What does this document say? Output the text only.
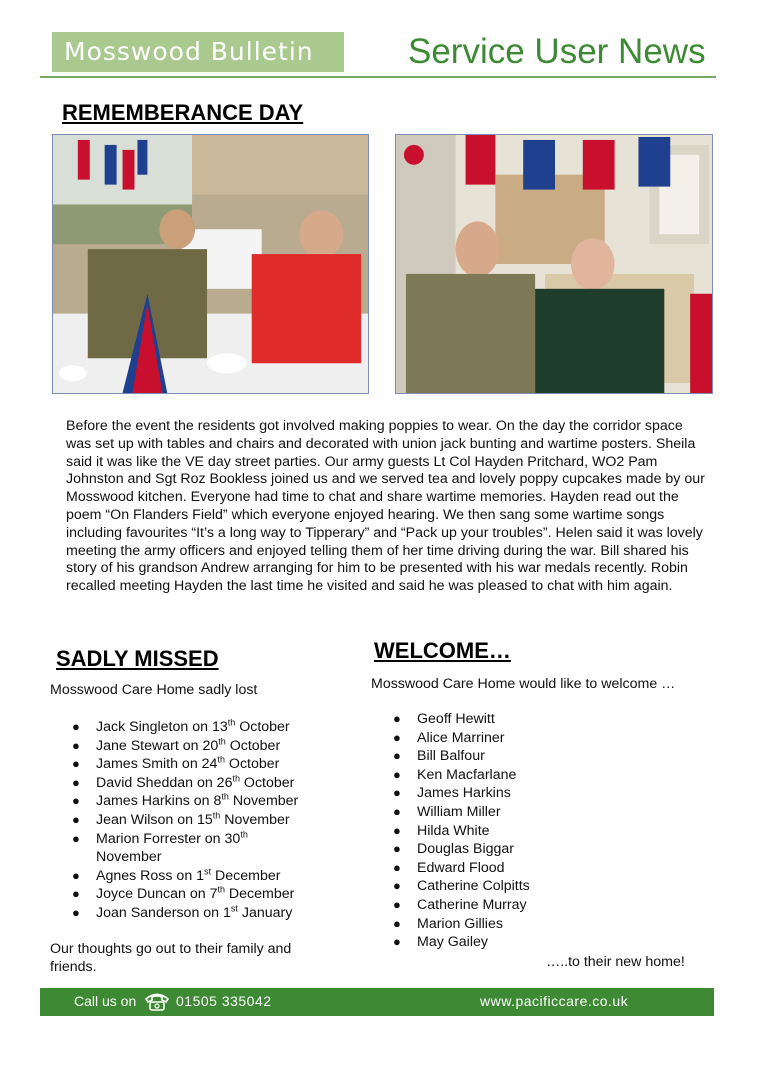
Mosswood Bulletin	Service User News
REMEMBERANCE DAY
Before the event the residents got involved making poppies to wear. On the day the corridor space was set up with tables and chairs and decorated with union jack bunting and wartime posters. Sheila said it was like the VE day street parties. Our army guests Lt Col Hayden Pritchard, WO2 Pam Johnston and Sgt Roz Bookless joined us and we served tea and lovely poppy cupcakes made by our Mosswood kitchen. Everyone had time to chat and share wartime memories. Hayden read out the poem “On Flanders Field” which everyone enjoyed hearing. We then sang some wartime songs including favourites “It’s a long way to Tipperary” and “Pack up your troubles”. Helen said it was lovely meeting the army officers and enjoyed telling them of her time driving during the war. Bill shared his story of his grandson Andrew arranging for him to be presented with his war medals recently. Robin recalled meeting Hayden the last time he visited and said he was pleased to chat with him again.
SADLY MISSED
Mosswood Care Home sadly lost
● Jack Singleton on 13th October
● Jane Stewart on 20th October
● James Smith on 24th October
● David Sheddan on 26th October
● James Harkins on 8th November
● Jean Wilson on 15th November
● Marion Forrester on 30th November
● Agnes Ross on 1st December
● Joyce Duncan on 7th December
● Joan Sanderson on 1st January
Our thoughts go out to their family and friends.
WELCOME…
Mosswood Care Home would like to welcome …
● Geoff Hewitt
● Alice Marriner
● Bill Balfour
● Ken Macfarlane
● James Harkins
● William Miller
● Hilda White
● Douglas Biggar
● Edward Flood
● Catherine Colpitts
● Catherine Murray
● Marion Gillies
● May Gailey
…..to their new home!
Call us on	01505 335042	www.pacificcare.co.uk
